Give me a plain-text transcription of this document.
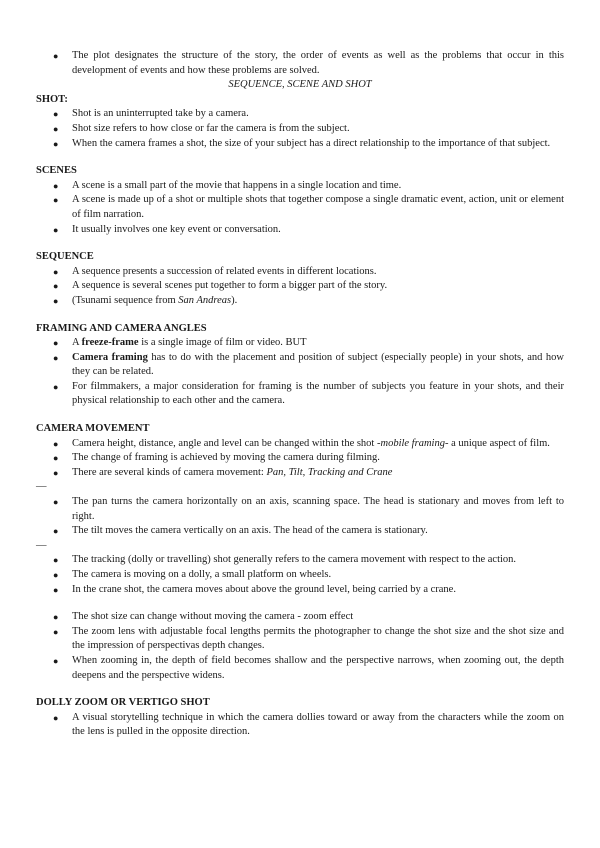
● The plot designates the structure of the story, the order of events as well as the problems that occur in this development of events and how these problems are solved.

SEQUENCE, SCENE AND SHOT

SHOT:

● Shot is an uninterrupted take by a camera.
● Shot size refers to how close or far the camera is from the subject.
● When the camera frames a shot, the size of your subject has a direct relationship to the importance of that subject.

SCENES

● A scene is a small part of the movie that happens in a single location and time.
● A scene is made up of a shot or multiple shots that together compose a single dramatic event, action, unit or element of film narration.
● It usually involves one key event or conversation.

SEQUENCE

● A sequence presents a succession of related events in different locations.
● A sequence is several scenes put together to form a bigger part of the story.
● (Tsunami sequence from San Andreas).

FRAMING AND CAMERA ANGLES

● A freeze-frame is a single image of film or video. BUT
● Camera framing has to do with the placement and position of subject (especially people) in your shots, and how they can be related.
● For filmmakers, a major consideration for framing is the number of subjects you feature in your shots, and their physical relationship to each other and the camera.

CAMERA MOVEMENT

● Camera height, distance, angle and level can be changed within the shot -mobile framing- a unique aspect of film.
● The change of framing is achieved by moving the camera during filming.
● There are several kinds of camera movement: Pan, Tilt, Tracking and Crane
—
● The pan turns the camera horizontally on an axis, scanning space. The head is stationary and moves from left to right.
● The tilt moves the camera vertically on an axis. The head of the camera is stationary.
—
● The tracking (dolly or travelling) shot generally refers to the camera movement with respect to the action.
● The camera is moving on a dolly, a small platform on wheels.
● In the crane shot, the camera moves about above the ground level, being carried by a crane.
● The shot size can change without moving the camera - zoom effect
● The zoom lens with adjustable focal lengths permits the photographer to change the shot size and the shot size and the impression of perspectivas depth changes.
● When zooming in, the depth of field becomes shallow and the perspective narrows, when zooming out, the depth deepens and the perspective widens.

DOLLY ZOOM OR VERTIGO SHOT

● A visual storytelling technique in which the camera dollies toward or away from the characters while the zoom on the lens is pulled in the opposite direction.
